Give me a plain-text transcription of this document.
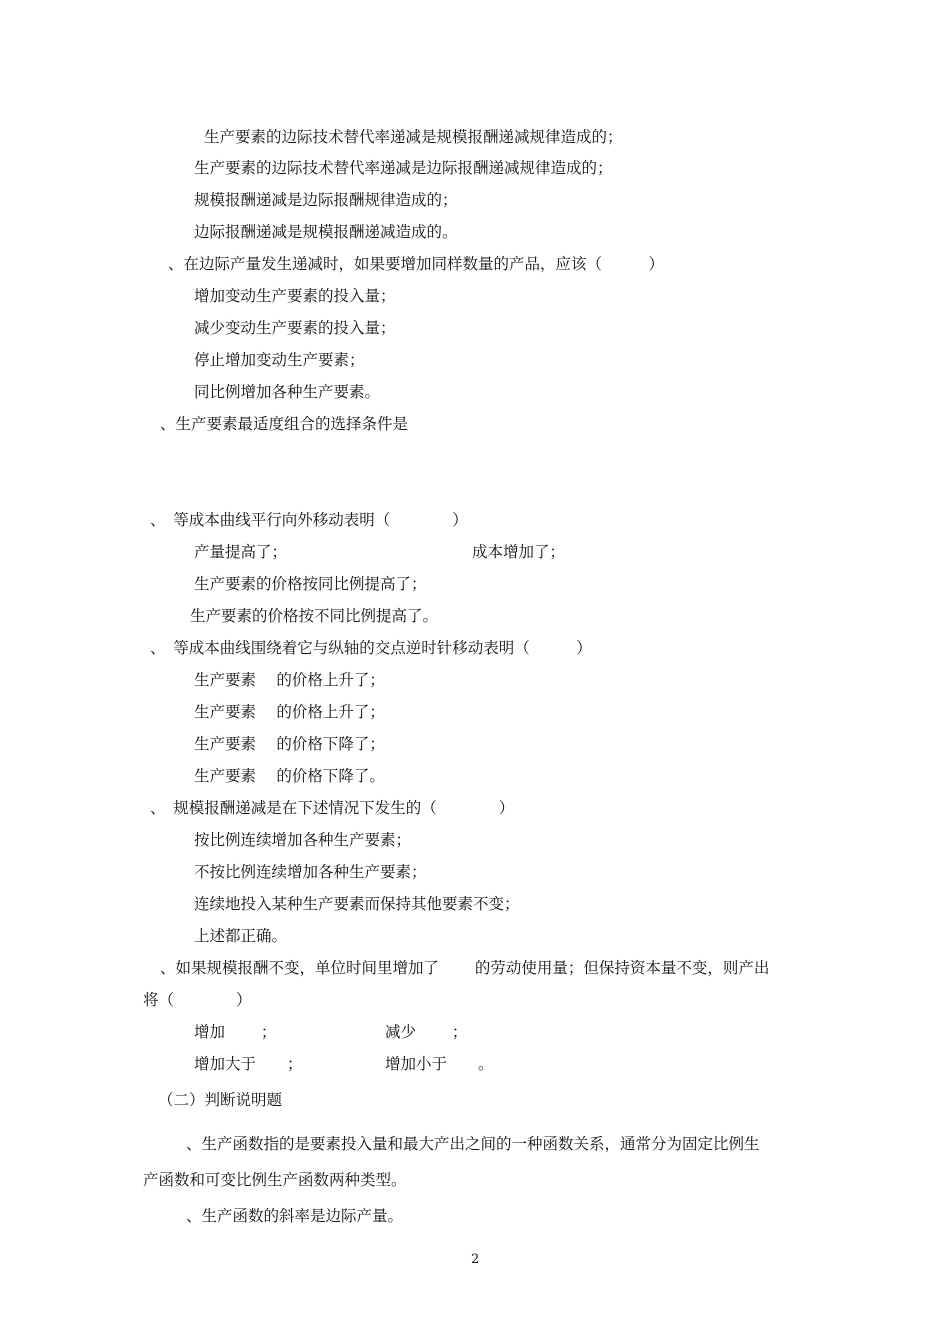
生产要素的边际技术替代率递减是规模报酬递减规律造成的；
生产要素的边际技术替代率递减是边际报酬递减规律造成的；
规模报酬递减是边际报酬规律造成的；
边际报酬递减是规模报酬递减造成的。
、在边际产量发生递减时，如果要增加同样数量的产品，应该（　　　）
增加变动生产要素的投入量；
减少变动生产要素的投入量；
停止增加变动生产要素；
同比例增加各种生产要素。
、生产要素最适度组合的选择条件是
、　等成本曲线平行向外移动表明（　　　　）
产量提高了；	成本增加了；
生产要素的价格按同比例提高了；
生产要素的价格按不同比例提高了。
、　等成本曲线围绕着它与纵轴的交点逆时针移动表明（　　　）
生产要素　 的价格上升了；
生产要素　 的价格上升了；
生产要素　 的价格下降了；
生产要素　 的价格下降了。
、　规模报酬递减是在下述情况下发生的（　　　　）
按比例连续增加各种生产要素；
不按比例连续增加各种生产要素；
连续地投入某种生产要素而保持其他要素不变；
上述都正确。
、如果规模报酬不变，单位时间里增加了　　 的劳动使用量；但保持资本量不变，则产出
将（　　　　）
增加　　 ；	减少　　 ；
增加大于　　；	增加小于　　。
（二）判断说明题
、生产函数指的是要素投入量和最大产出之间的一种函数关系，通常分为固定比例生
产函数和可变比例生产函数两种类型。
、生产函数的斜率是边际产量。
2
